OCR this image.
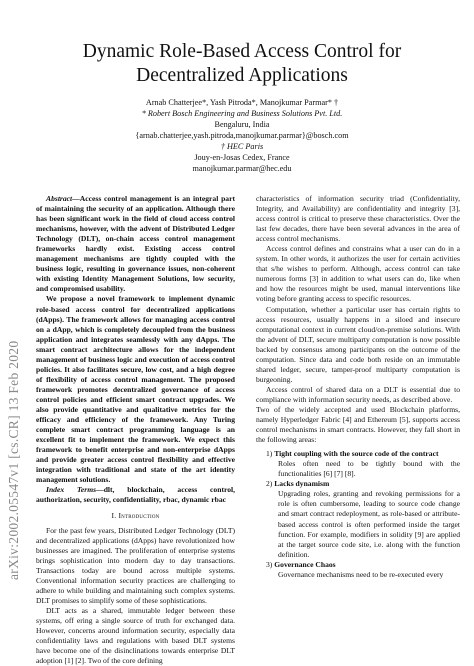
arXiv:2002.05547v1 [cs.CR] 13 Feb 2020
Dynamic Role-Based Access Control for
Decentralized Applications
Arnab Chatterjee*, Yash Pitroda*, Manojkumar Parmar* †
* Robert Bosch Engineering and Business Solutions Pvt. Ltd.
Bengaluru, India
{arnab.chatterjee,yash.pitroda,manojkumar.parmar}@bosch.com
† HEC Paris
Jouy-en-Josas Cedex, France
manojkumar.parmar@hec.edu

Abstract—Access control management is an integral part of maintaining the security of an application. Although there has been significant work in the field of cloud access control mechanisms, however, with the advent of Distributed Ledger Technology (DLT), on-chain access control management frameworks hardly exist. Existing access control management mechanisms are tightly coupled with the business logic, resulting in governance issues, non-coherent with existing Identity Management Solutions, low security, and compromised usability.

We propose a novel framework to implement dynamic role-based access control for decentralized applications (dApps). The framework allows for managing access control on a dApp, which is completely decoupled from the business application and integrates seamlessly with any dApps. The smart contract architecture allows for the independent management of business logic and execution of access control policies. It also facilitates secure, low cost, and a high degree of flexibility of access control management. The proposed framework promotes decentralized governance of access control policies and efficient smart contract upgrades. We also provide quantitative and qualitative metrics for the efficacy and efficiency of the framework. Any Turing complete smart contract programming language is an excellent fit to implement the framework. We expect this framework to benefit enterprise and non-enterprise dApps and provide greater access control flexibility and effective integration with traditional and state of the art identity management solutions.

Index Terms—dlt, blockchain, access control, authorization, security, confidentiality, rbac, dynamic rbac

I. Introduction

For the past few years, Distributed Ledger Technology (DLT) and decentralized applications (dApps) have revolutionized how businesses are imagined. The proliferation of enterprise systems brings sophistication into modern day to day transactions. Transactions today are bound across multiple systems. Conventional information security practices are challenging to adhere to while building and maintaining such complex systems. DLT promises to simplify some of these sophistications.

DLT acts as a shared, immutable ledger between these systems, off ering a single source of truth for exchanged data. However, concerns around information security, especially data confidentiality laws and regulations with based DLT systems have become one of the disinclinations towards enterprise DLT adoption [1] [2]. Two of the core defining

characteristics of information security triad (Confidentiality, Integrity, and Availability) are confidentiality and integrity [3], access control is critical to preserve these characteristics. Over the last few decades, there have been several advances in the area of access control mechanisms.

Access control defines and constrains what a user can do in a system. In other words, it authorizes the user for certain activities that s/he wishes to perform. Although, access control can take numerous forms [3] in addition to what users can do, like when and how the resources might be used, manual interventions like voting before granting access to specific resources.

Computation, whether a particular user has certain rights to access resources, usually happens in a siloed and insecure computational context in current cloud/on-premise solutions. With the advent of DLT, secure multiparty computation is now possible backed by consensus among participants on the outcome of the computation. Since data and code both reside on an immutable shared ledger, secure, tamper-proof multiparty computation is burgeoning.

Access control of shared data on a DLT is essential due to compliance with information security needs, as described above.

Two of the widely accepted and used Blockchain platforms, namely Hyperledger Fabric [4] and Ethereum [5], supports access control mechanisms in smart contracts. However, they fall short in the following areas:

1) Tight coupling with the source code of the contract
Roles often need to be tightly bound with the functionalities [6] [7] [8].
2) Lacks dynamism
Upgrading roles, granting and revoking permissions for a role is often cumbersome, leading to source code change and smart contract redeployment, as role-based or attribute-based access control is often performed inside the target function. For example, modifiers in solidity [9] are applied at the target source code site, i.e. along with the function definition.
3) Governance Chaos
Governance mechanisms need to be re-executed every
